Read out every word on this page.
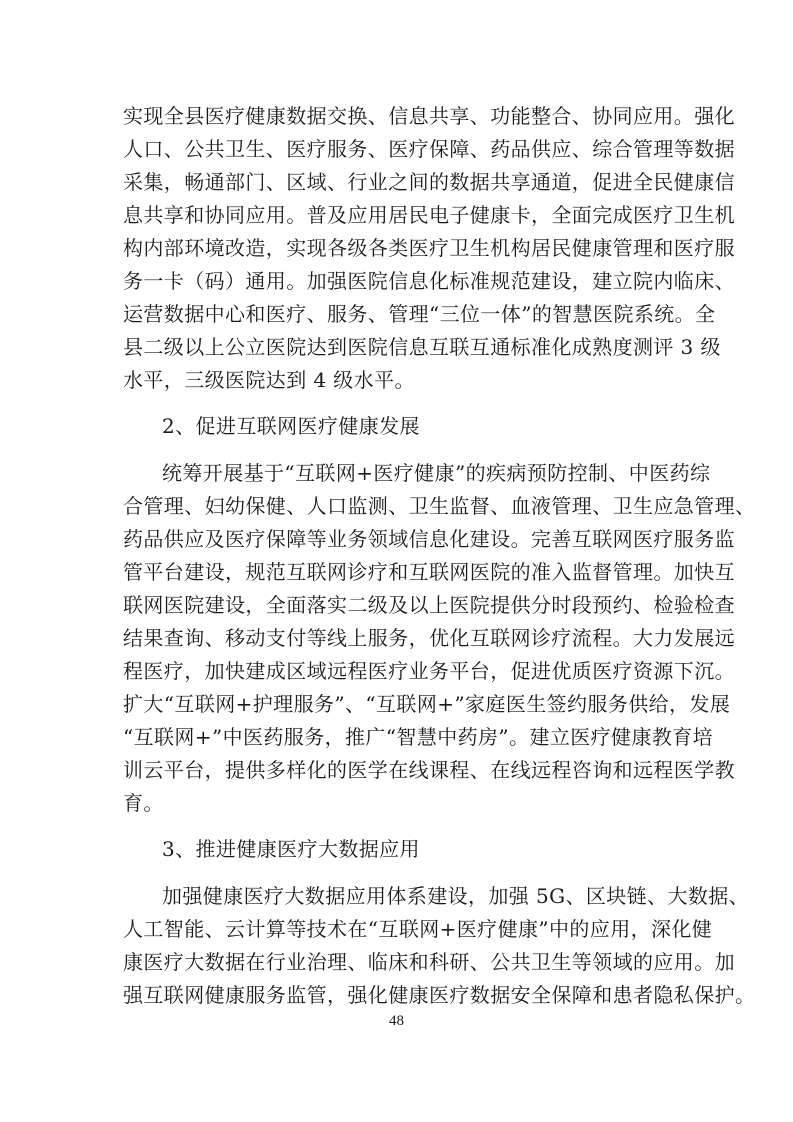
实现全县医疗健康数据交换、信息共享、功能整合、协同应用。强化
人口、公共卫生、医疗服务、医疗保障、药品供应、综合管理等数据
采集，畅通部门、区域、行业之间的数据共享通道，促进全民健康信
息共享和协同应用。普及应用居民电子健康卡，全面完成医疗卫生机
构内部环境改造，实现各级各类医疗卫生机构居民健康管理和医疗服
务一卡（码）通用。加强医院信息化标准规范建设，建立院内临床、
运营数据中心和医疗、服务、管理“三位一体”的智慧医院系统。全
县二级以上公立医院达到医院信息互联互通标准化成熟度测评 3 级
水平，三级医院达到 4 级水平。
2、促进互联网医疗健康发展
统筹开展基于“互联网+医疗健康”的疾病预防控制、中医药综
合管理、妇幼保健、人口监测、卫生监督、血液管理、卫生应急管理、
药品供应及医疗保障等业务领域信息化建设。完善互联网医疗服务监
管平台建设，规范互联网诊疗和互联网医院的准入监督管理。加快互
联网医院建设，全面落实二级及以上医院提供分时段预约、检验检查
结果查询、移动支付等线上服务，优化互联网诊疗流程。大力发展远
程医疗，加快建成区域远程医疗业务平台，促进优质医疗资源下沉。
扩大“互联网+护理服务”、“互联网+”家庭医生签约服务供给，发展
“互联网+”中医药服务，推广“智慧中药房”。建立医疗健康教育培
训云平台，提供多样化的医学在线课程、在线远程咨询和远程医学教
育。
3、推进健康医疗大数据应用
加强健康医疗大数据应用体系建设，加强 5G、区块链、大数据、
人工智能、云计算等技术在“互联网+医疗健康”中的应用，深化健
康医疗大数据在行业治理、临床和科研、公共卫生等领域的应用。加
强互联网健康服务监管，强化健康医疗数据安全保障和患者隐私保护。
48
